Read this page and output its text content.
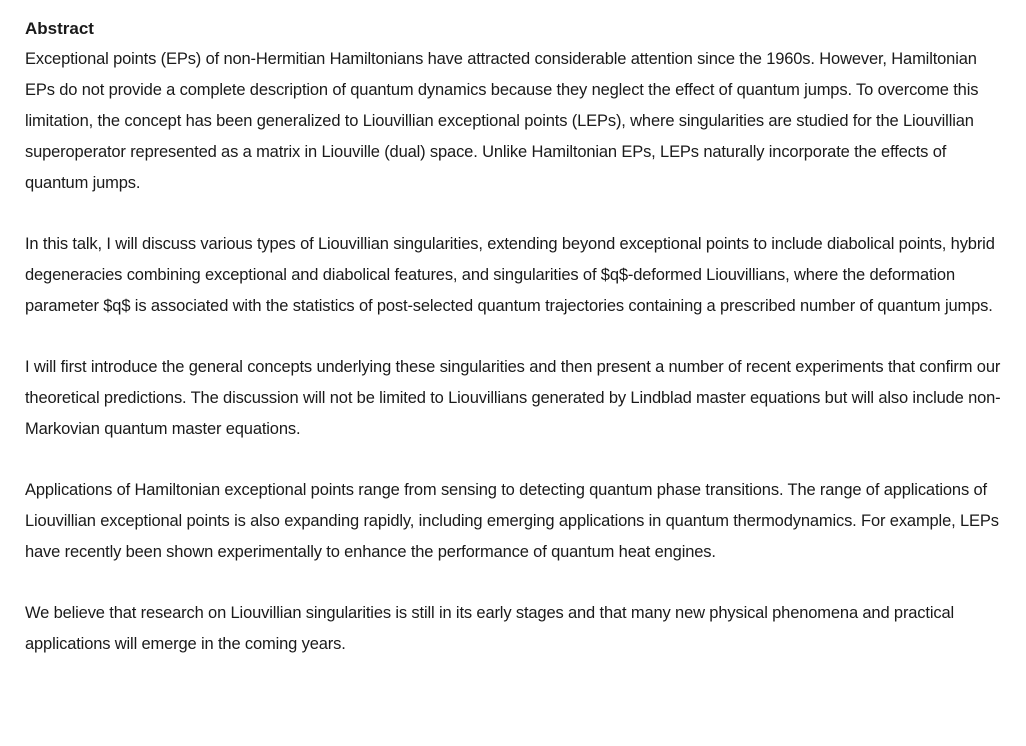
Abstract

Exceptional points (EPs) of non-Hermitian Hamiltonians have attracted considerable attention since the 1960s. However, Hamiltonian EPs do not provide a complete description of quantum dynamics because they neglect the effect of quantum jumps. To overcome this limitation, the concept has been generalized to Liouvillian exceptional points (LEPs), where singularities are studied for the Liouvillian superoperator represented as a matrix in Liouville (dual) space. Unlike Hamiltonian EPs, LEPs naturally incorporate the effects of quantum jumps.

In this talk, I will discuss various types of Liouvillian singularities, extending beyond exceptional points to include diabolical points, hybrid degeneracies combining exceptional and diabolical features, and singularities of $q$-deformed Liouvillians, where the deformation parameter $q$ is associated with the statistics of post-selected quantum trajectories containing a prescribed number of quantum jumps.

I will first introduce the general concepts underlying these singularities and then present a number of recent experiments that confirm our theoretical predictions. The discussion will not be limited to Liouvillians generated by Lindblad master equations but will also include non-Markovian quantum master equations.

Applications of Hamiltonian exceptional points range from sensing to detecting quantum phase transitions. The range of applications of Liouvillian exceptional points is also expanding rapidly, including emerging applications in quantum thermodynamics. For example, LEPs have recently been shown experimentally to enhance the performance of quantum heat engines.

We believe that research on Liouvillian singularities is still in its early stages and that many new physical phenomena and practical applications will emerge in the coming years.
